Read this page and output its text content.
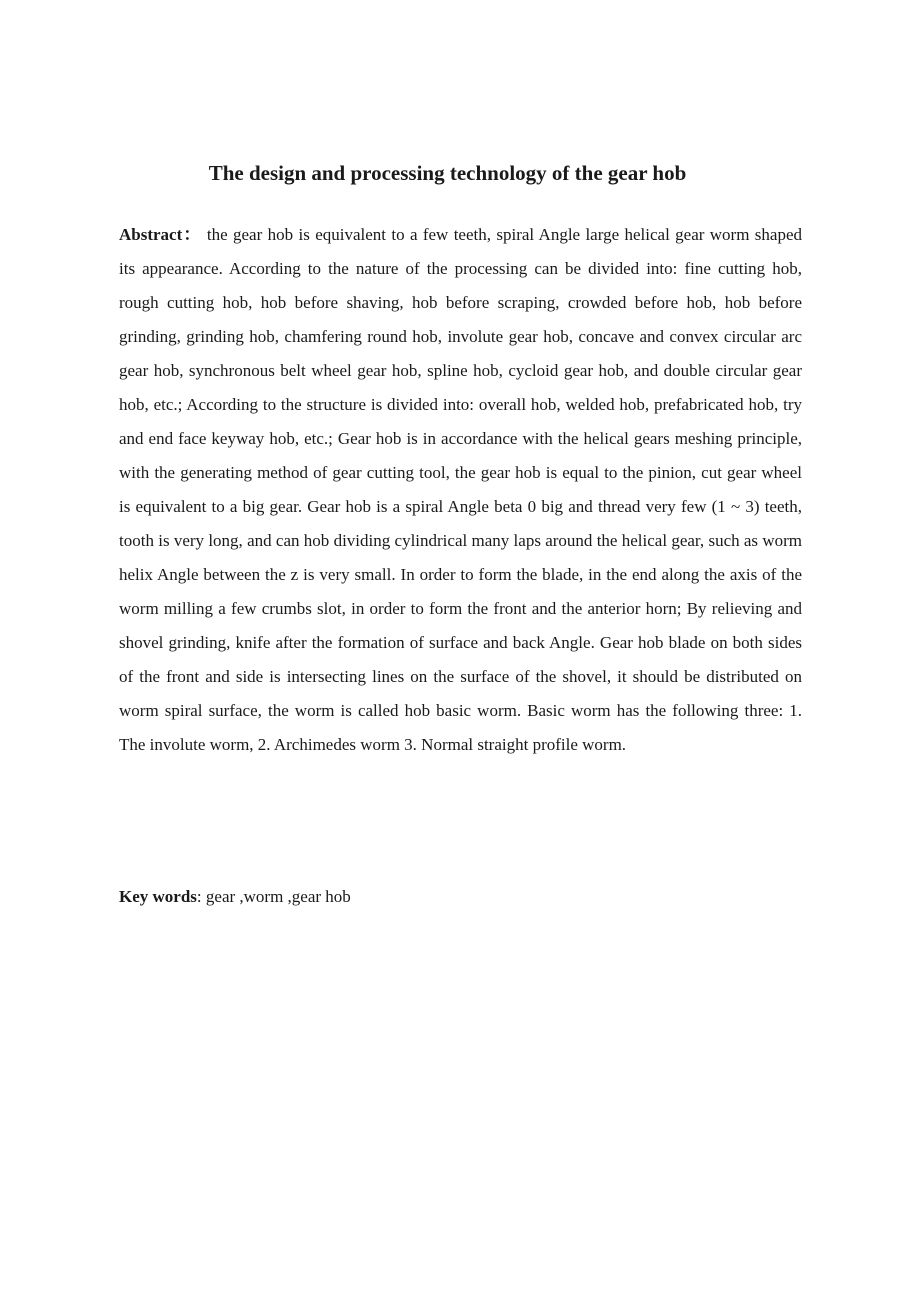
The design and processing technology of the gear hob

Abstract： the gear hob is equivalent to a few teeth, spiral Angle large helical gear worm shaped its appearance. According to the nature of the processing can be divided into: fine cutting hob, rough cutting hob, hob before shaving, hob before scraping, crowded before hob, hob before grinding, grinding hob, chamfering round hob, involute gear hob, concave and convex circular arc gear hob, synchronous belt wheel gear hob, spline hob, cycloid gear hob, and double circular gear hob, etc.; According to the structure is divided into: overall hob, welded hob, prefabricated hob, try and end face keyway hob, etc.; Gear hob is in accordance with the helical gears meshing principle, with the generating method of gear cutting tool, the gear hob is equal to the pinion, cut gear wheel is equivalent to a big gear. Gear hob is a spiral Angle beta 0 big and thread very few (1 ~ 3) teeth, tooth is very long, and can hob dividing cylindrical many laps around the helical gear, such as worm helix Angle between the z is very small. In order to form the blade, in the end along the axis of the worm milling a few crumbs slot, in order to form the front and the anterior horn; By relieving and shovel grinding, knife after the formation of surface and back Angle. Gear hob blade on both sides of the front and side is intersecting lines on the surface of the shovel, it should be distributed on worm spiral surface, the worm is called hob basic worm. Basic worm has the following three: 1. The involute worm, 2. Archimedes worm 3. Normal straight profile worm.

Key words: gear ,worm ,gear hob
